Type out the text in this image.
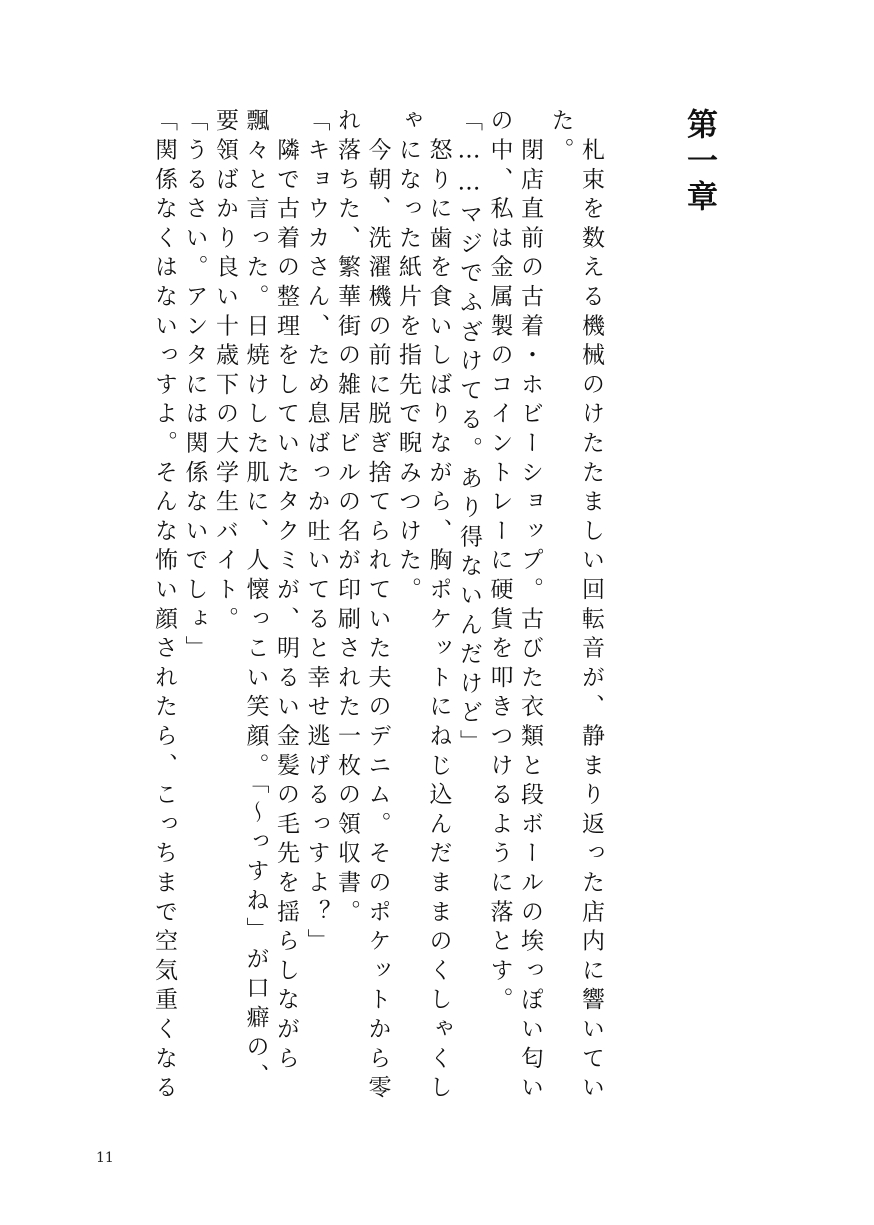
第一章
　札束を数える機械のけたたましい回転音が、静まり返った店内に響いてい
た。
　閉店直前の古着・ホビーショップ。古びた衣類と段ボールの埃っぽい匂い
の中、私は金属製のコイントレーに硬貨を叩きつけるように落とす。
「……マジでふざけてる。あり得ないんだけど」
　怒りに歯を食いしばりながら、胸ポケットにねじ込んだままのくしゃくし
ゃになった紙片を指先で睨みつけた。
　今朝、洗濯機の前に脱ぎ捨てられていた夫のデニム。そのポケットから零
れ落ちた、繁華街の雑居ビルの名が印刷された一枚の領収書。
「キョウカさん、ため息ばっか吐いてると幸せ逃げるっすよ？」
　隣で古着の整理をしていたタクミが、明るい金髪の毛先を揺らしながら
飄々と言った。日焼けした肌に、人懐っこい笑顔。「〜っすね」が口癖の、
要領ばかり良い十歳下の大学生バイト。
「うるさい。アンタには関係ないでしょ」
「関係なくはないっすよ。そんな怖い顔されたら、こっちまで空気重くなる
11
